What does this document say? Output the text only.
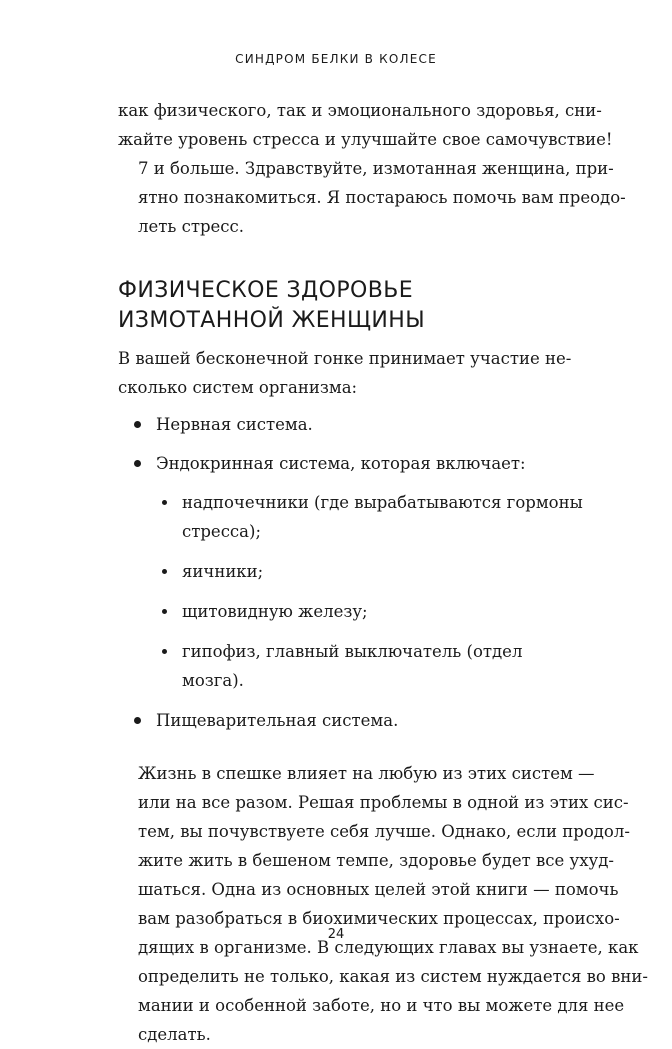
СИНДРОМ БЕЛКИ В КОЛЕСЕ

как физического, так и эмоционального здоровья, сни-
жайте уровень стресса и улучшайте свое самочувствие!

7 и больше. Здравствуйте, измотанная женщина, при-
ятно познакомиться. Я постараюсь помочь вам преодо-
леть стресс.

ФИЗИЧЕСКОЕ ЗДОРОВЬЕ
ИЗМОТАННОЙ ЖЕНЩИНЫ

В вашей бесконечной гонке принимает участие не-
сколько систем организма:

Нервная система.
Эндокринная система, которая включает:
надпочечники (где вырабатываются гормоны
стресса);
яичники;
щитовидную железу;
гипофиз, главный выключатель (отдел мозга).
Пищеварительная система.

Жизнь в спешке влияет на любую из этих систем —
или на все разом. Решая проблемы в одной из этих сис-
тем, вы почувствуете себя лучше. Однако, если продол-
жите жить в бешеном темпе, здоровье будет все ухуд-
шаться. Одна из основных целей этой книги — помочь
вам разобраться в биохимических процессах, происхо-
дящих в организме. В следующих главах вы узнаете, как
определить не только, какая из систем нуждается во вни-
мании и особенной заботе, но и что вы можете для нее
сделать.

24
